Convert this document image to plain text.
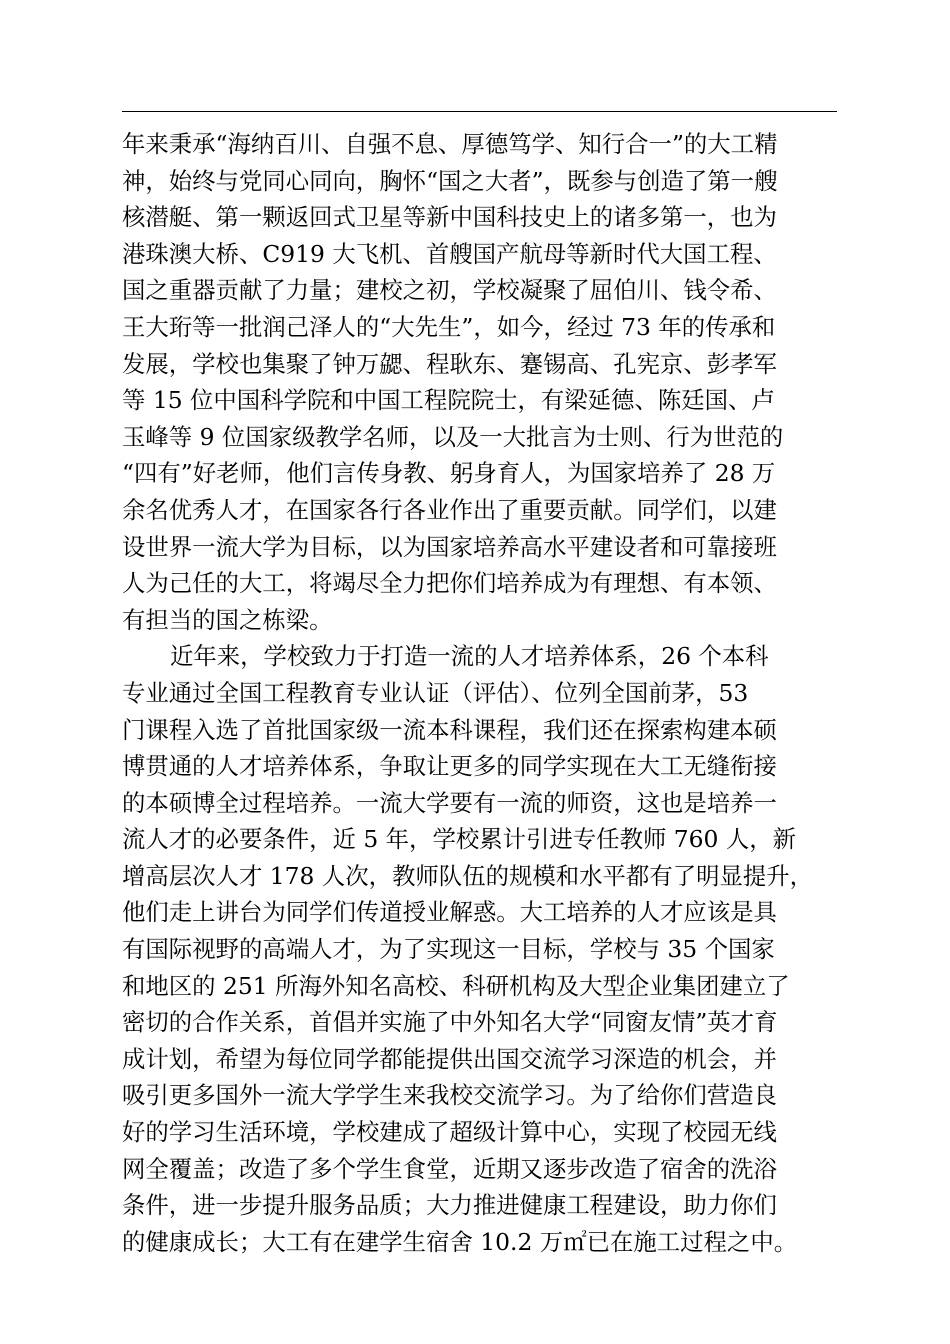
年来秉承“海纳百川、自强不息、厚德笃学、知行合一”的大工精
神，始终与党同心同向，胸怀“国之大者”，既参与创造了第一艘
核潜艇、第一颗返回式卫星等新中国科技史上的诸多第一，也为
港珠澳大桥、C919 大飞机、首艘国产航母等新时代大国工程、
国之重器贡献了力量；建校之初，学校凝聚了屈伯川、钱令希、
王大珩等一批润己泽人的“大先生”，如今，经过 73 年的传承和
发展，学校也集聚了钟万勰、程耿东、蹇锡高、孔宪京、彭孝军
等 15 位中国科学院和中国工程院院士，有梁延德、陈廷国、卢
玉峰等 9 位国家级教学名师，以及一大批言为士则、行为世范的
“四有”好老师，他们言传身教、躬身育人，为国家培养了 28 万
余名优秀人才，在国家各行各业作出了重要贡献。同学们，以建
设世界一流大学为目标，以为国家培养高水平建设者和可靠接班
人为己任的大工，将竭尽全力把你们培养成为有理想、有本领、
有担当的国之栋梁。
近年来，学校致力于打造一流的人才培养体系，26 个本科
专业通过全国工程教育专业认证（评估）、位列全国前茅，53
门课程入选了首批国家级一流本科课程，我们还在探索构建本硕
博贯通的人才培养体系，争取让更多的同学实现在大工无缝衔接
的本硕博全过程培养。一流大学要有一流的师资，这也是培养一
流人才的必要条件，近 5 年，学校累计引进专任教师 760 人，新
增高层次人才 178 人次，教师队伍的规模和水平都有了明显提升，
他们走上讲台为同学们传道授业解惑。大工培养的人才应该是具
有国际视野的高端人才，为了实现这一目标，学校与 35 个国家
和地区的 251 所海外知名高校、科研机构及大型企业集团建立了
密切的合作关系，首倡并实施了中外知名大学“同窗友情”英才育
成计划，希望为每位同学都能提供出国交流学习深造的机会，并
吸引更多国外一流大学学生来我校交流学习。为了给你们营造良
好的学习生活环境，学校建成了超级计算中心，实现了校园无线
网全覆盖；改造了多个学生食堂，近期又逐步改造了宿舍的洗浴
条件，进一步提升服务品质；大力推进健康工程建设，助力你们
的健康成长；大工有在建学生宿舍 10.2 万㎡已在施工过程之中。
